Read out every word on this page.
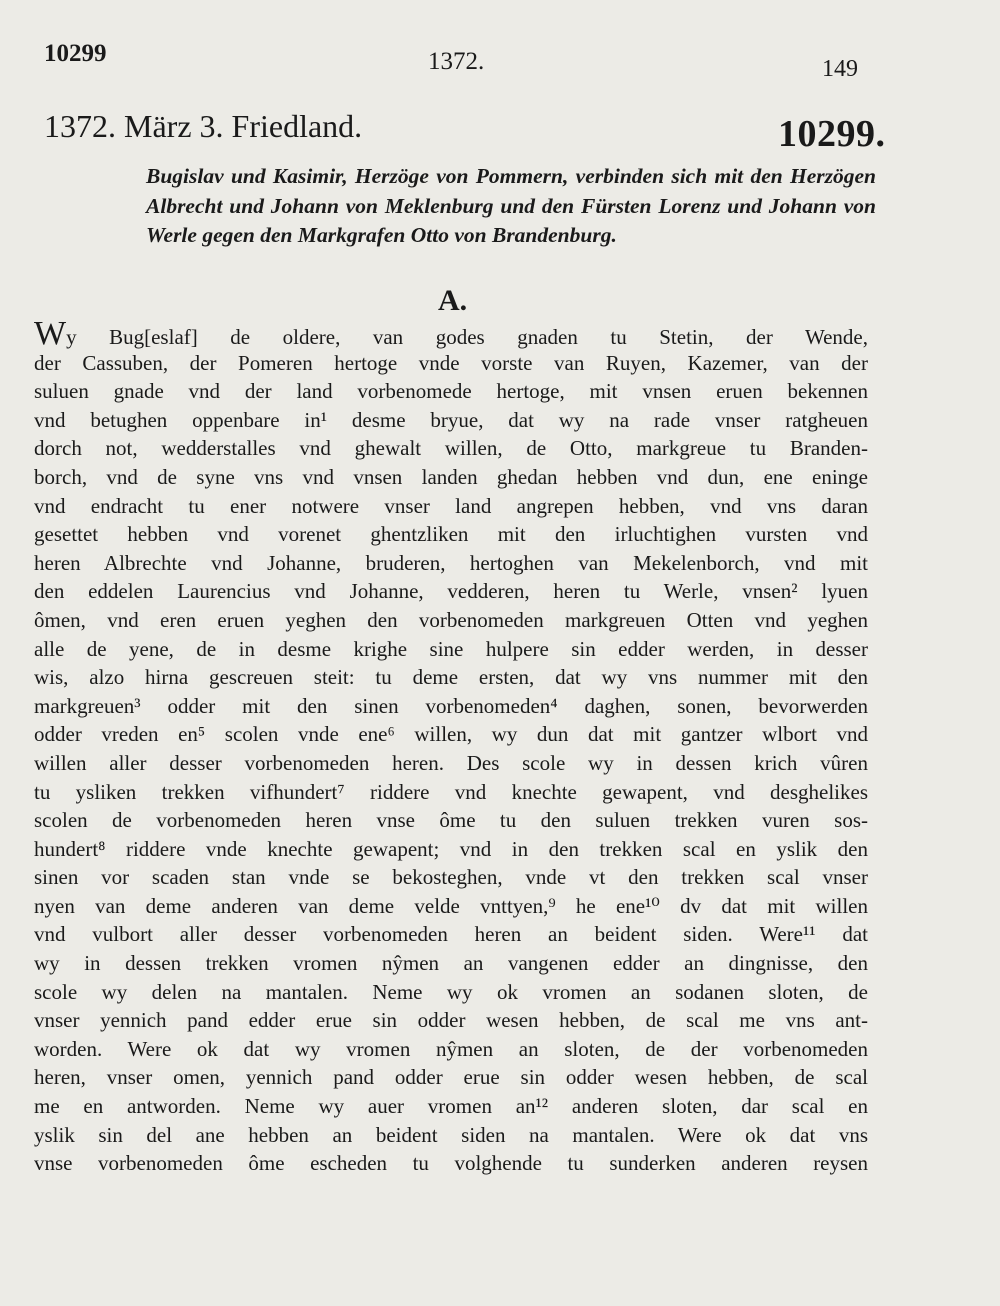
10299	1372.	149
1372. März 3. Friedland.	10299.
Bugislav und Kasimir, Herzöge von Pommern, verbinden sich mit den Herzögen Albrecht und Johann von Meklenburg und den Fürsten Lorenz und Johann von Werle gegen den Markgrafen Otto von Brandenburg.
A.
Wy Bug[eslaf] de oldere, van godes gnaden tu Stetin, der Wende,
der Cassuben, der Pomeren hertoge vnde vorste van Ruyen, Kazemer, van der
suluen gnade vnd der land vorbenomede hertoge, mit vnsen eruen bekennen
vnd betughen oppenbare in¹ desme bryue, dat wy na rade vnser ratgheuen
dorch not, wedderstalles vnd ghewalt willen, de Otto, markgreue tu Branden-
borch, vnd de syne vns vnd vnsen landen ghedan hebben vnd dun, ene eninge
vnd endracht tu ener notwere vnser land angrepen hebben, vnd vns daran
gesettet hebben vnd vorenet ghentzliken mit den irluchtighen vursten vnd
heren Albrechte vnd Johanne, bruderen, hertoghen van Mekelenborch, vnd mit
den eddelen Laurencius vnd Johanne, vedderen, heren tu Werle, vnsen² lyuen
ômen, vnd eren eruen yeghen den vorbenomeden markgreuen Otten vnd yeghen
alle de yene, de in desme krighe sine hulpere sin edder werden, in desser
wis, alzo hirna gescreuen steit: tu deme ersten, dat wy vns nummer mit den
markgreuen³ odder mit den sinen vorbenomeden⁴ daghen, sonen, bevorwerden
odder vreden en⁵ scolen vnde ene⁶ willen, wy dun dat mit gantzer wlbort vnd
willen aller desser vorbenomeden heren. Des scole wy in dessen krich vûren
tu ysliken trekken vifhundert⁷ riddere vnd knechte gewapent, vnd desghelikes
scolen de vorbenomeden heren vnse ôme tu den suluen trekken vuren sos-
hundert⁸ riddere vnde knechte gewapent; vnd in den trekken scal en yslik den
sinen vor scaden stan vnde se bekosteghen, vnde vt den trekken scal vnser
nyen van deme anderen van deme velde vnttyen,⁹ he ene¹⁰ dv dat mit willen
vnd vulbort aller desser vorbenomeden heren an beident siden. Were¹¹ dat
wy in dessen trekken vromen nŷmen an vangenen edder an dingnisse, den
scole wy delen na mantalen. Neme wy ok vromen an sodanen sloten, de
vnser yennich pand edder erue sin odder wesen hebben, de scal me vns ant-
worden. Were ok dat wy vromen nŷmen an sloten, de der vorbenomeden
heren, vnser omen, yennich pand odder erue sin odder wesen hebben, de scal
me en antworden. Neme wy auer vromen an¹² anderen sloten, dar scal en
yslik sin del ane hebben an beident siden na mantalen. Were ok dat vns
vnse vorbenomeden ôme escheden tu volghende tu sunderken anderen reysen
